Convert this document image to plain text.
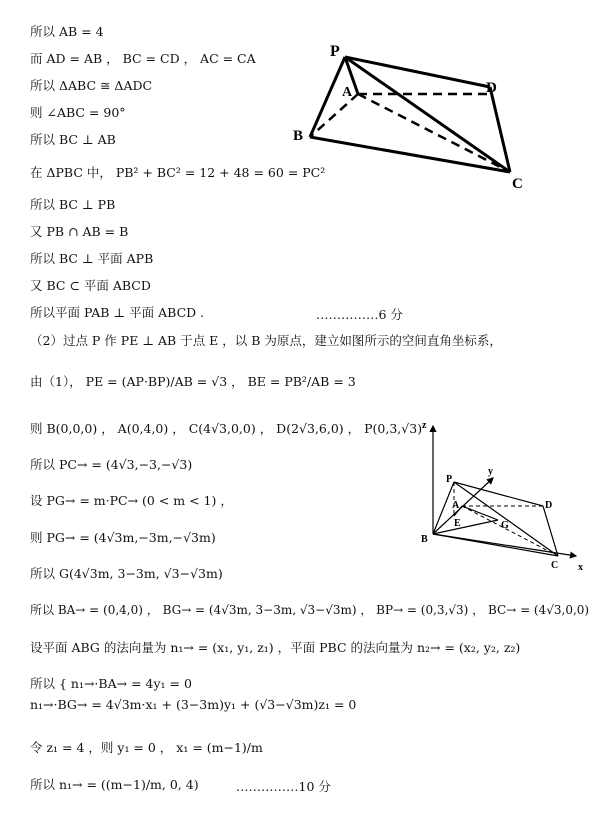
所以 AB = 4
而 AD = AB ， BC = CD ， AC = CA
所以 ΔABC ≅ ΔADC
则 ∠ABC = 90°
所以 BC ⊥ AB
在 ΔPBC 中， PB² + BC² = 12 + 48 = 60 = PC²
所以 BC ⊥ PB
又 PB ∩ AB = B
所以 BC ⊥ 平面 APB
又 BC ⊂ 平面 ABCD
所以平面 PAB ⊥ 平面 ABCD .	……………6 分
（2）过点 P 作 PE ⊥ AB 于点 E ，以 B 为原点，建立如图所示的空间直角坐标系，
由（1）， PE = (AP·BP)/AB = √3 ， BE = PB²/AB = 3
则 B(0,0,0) ， A(0,4,0) ， C(4√3,0,0) ， D(2√3,6,0) ， P(0,3,√3)
所以 PC→ = (4√3,−3,−√3)
设 PG→ = m·PC→ (0 < m < 1) ，
则 PG→ = (4√3m,−3m,−√3m)
所以 G(4√3m, 3−3m, √3−√3m)
所以 BA→ = (0,4,0) ， BG→ = (4√3m, 3−3m, √3−√3m) ， BP→ = (0,3,√3) ， BC→ = (4√3,0,0)
设平面 ABG 的法向量为 n₁→ = (x₁, y₁, z₁) ，平面 PBC 的法向量为 n₂→ = (x₂, y₂, z₂)
所以 { n₁→·BA→ = 4y₁ = 0
n₁→·BG→ = 4√3m·x₁ + (3−3m)y₁ + (√3−√3m)z₁ = 0
令 z₁ = 4 ，则 y₁ = 0 ， x₁ = (m−1)/m
所以 n₁→ = ((m−1)/m, 0, 4)	……………10 分
P
A	D
B
C
z
y
P
A	D
E	G
B
C x
